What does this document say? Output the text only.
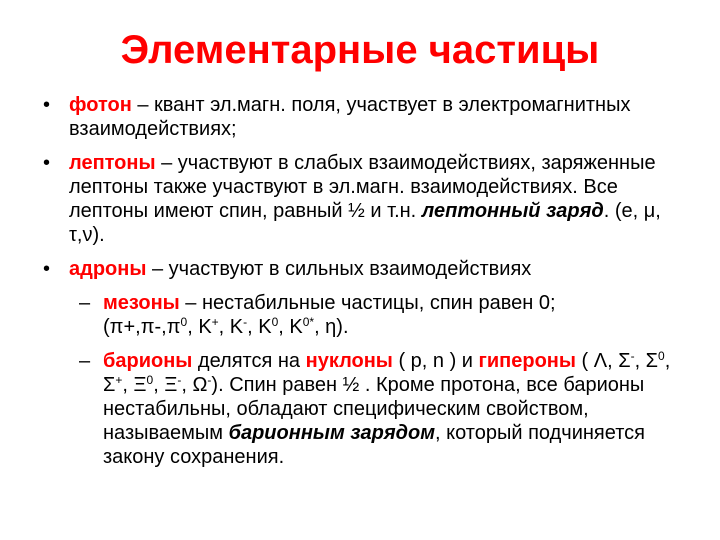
Элементарные частицы
• фотон – квант эл.магн. поля, участвует в электромагнитных взаимодействиях;
• лептоны – участвуют в слабых взаимодействиях, заряженные лептоны также участвуют в эл.магн. взаимодействиях. Все лептоны имеют спин, равный ½ и т.н. лептонный заряд. (e, μ, τ,ν).
• адроны – участвуют в сильных взаимодействиях
– мезоны – нестабильные частицы, спин равен 0;
($\pi+,\pi-,\pi^0$, K+, K-, $K^0$, $K^{0*}$, η).
– барионы делятся на нуклоны ( p, n ) и гипероны ( Λ, Σ-, $\Sigma^0$, Σ+, $\Xi^0$, Ξ-, Ω-). Спин равен ½ . Кроме протона, все барионы нестабильны, обладают специфическим свойством, называемым барионным зарядом, который подчиняется закону сохранения.
